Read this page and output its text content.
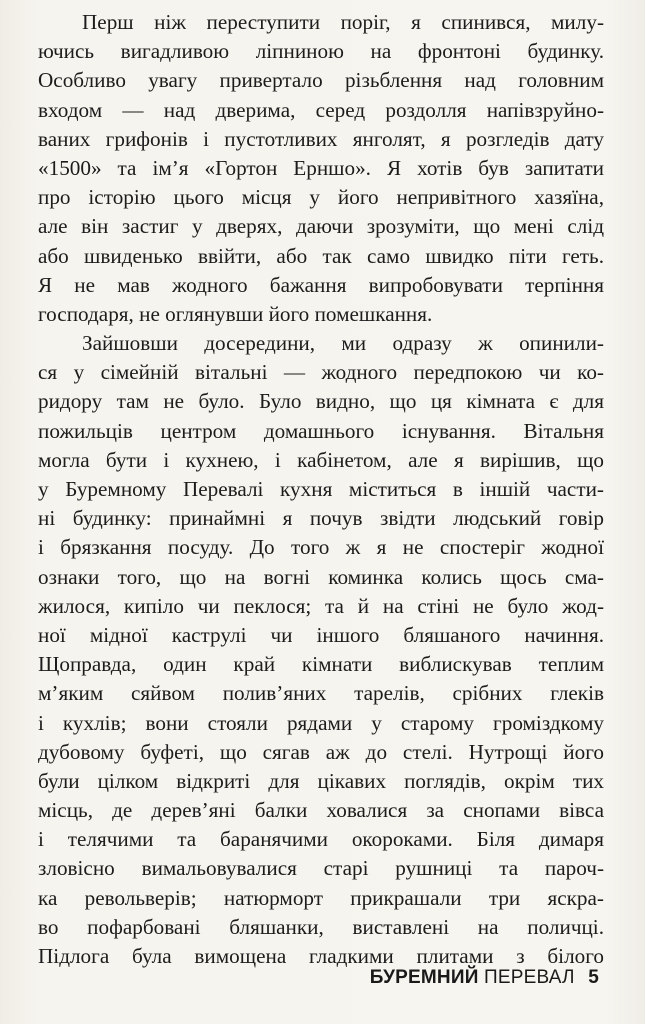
Перш ніж переступити поріг, я спинився, милу-
ючись вигадливою ліпниною на фронтоні будинку.
Особливо увагу привертало різьблення над головним
входом — над дверима, серед роздолля напівзруйно-
ваних грифонів і пустотливих янголят, я розгледів дату
«1500» та ім’я «Гортон Ерншо». Я хотів був запитати
про історію цього місця у його непривітного хазяїна,
але він застиг у дверях, даючи зрозуміти, що мені слід
або швиденько ввійти, або так само швидко піти геть.
Я не мав жодного бажання випробовувати терпіння
господаря, не оглянувши його помешкання.
Зайшовши досередини, ми одразу ж опинили-
ся у сімейній вітальні — жодного передпокою чи ко-
ридору там не було. Було видно, що ця кімната є для
пожильців центром домашнього існування. Вітальня
могла бути і кухнею, і кабінетом, але я вирішив, що
у Буремному Перевалі кухня міститься в іншій части-
ні будинку: принаймні я почув звідти людський говір
і брязкання посуду. До того ж я не спостеріг жодної
ознаки того, що на вогні коминка колись щось сма-
жилося, кипіло чи пеклося; та й на стіні не було жод-
ної мідної каструлі чи іншого бляшаного начиння.
Щоправда, один край кімнати виблискував теплим
м’яким сяйвом полив’яних тарелів, срібних глеків
і кухлів; вони стояли рядами у старому громіздкому
дубовому буфеті, що сягав аж до стелі. Нутрощі його
були цілком відкриті для цікавих поглядів, окрім тих
місць, де дерев’яні балки ховалися за снопами вівса
і телячими та баранячими окороками. Біля димаря
зловісно вимальовувалися старі рушниці та пароч-
ка револьверів; натюрморт прикрашали три яскра-
во пофарбовані бляшанки, виставлені на поличці.
Підлога була вимощена гладкими плитами з білого
БУРЕМНИЙ ПЕРЕВАЛ 5
